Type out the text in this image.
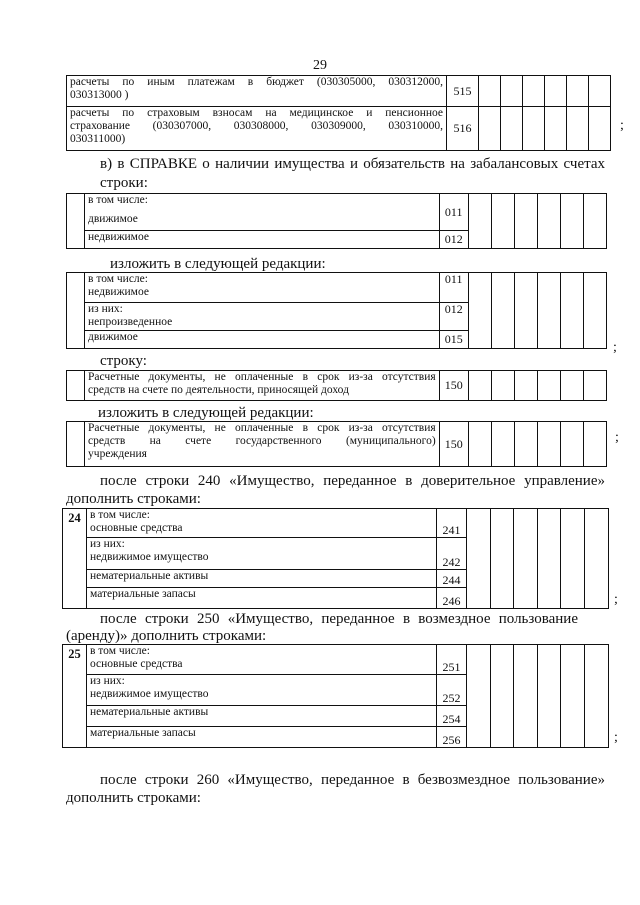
29
расчеты по иным платежам в бюджет (030305000, 030312000,
030313000 )	515						

расчеты по страховым взносам на медицинское и пенсионное
страхование (030307000, 030308000, 030309000, 030310000,
030311000)	516							;
в) в СПРАВКЕ о наличии имущества и обязательств на забалансовых счетах
строки:

	в том числе:
движимое	011						
	недвижимое	012						
изложить в следующей редакции:

	в том числе:
недвижимое	011						

	из них:
непроизведенное	012						
	движимое	015						
;
строку:

Расчетные документы, не оплаченные в срок из-за отсутствия
средств на счете по деятельности, приносящей доход	150						
изложить в следующей редакции:

Расчетные документы, не оплаченные в срок из-за отсутствия
средств на счете государственного (муниципального)
учреждения	150							;
после строки 240 «Имущество, переданное в доверительное управление»
дополнить строками:
24	в том числе:
основные средства	241						

	из них:
недвижимое имущество	242						
	нематериальные активы	244						
	материальные запасы	246							;
после строки 250 «Имущество, переданное в возмездное пользование
(аренду)» дополнить строками:
25	в том числе:
основные средства	251						

	из них:
недвижимое имущество	252						
	нематериальные активы	254						
	материальные запасы	256							;
после строки 260 «Имущество, переданное в безвозмездное пользование»
дополнить строками:
